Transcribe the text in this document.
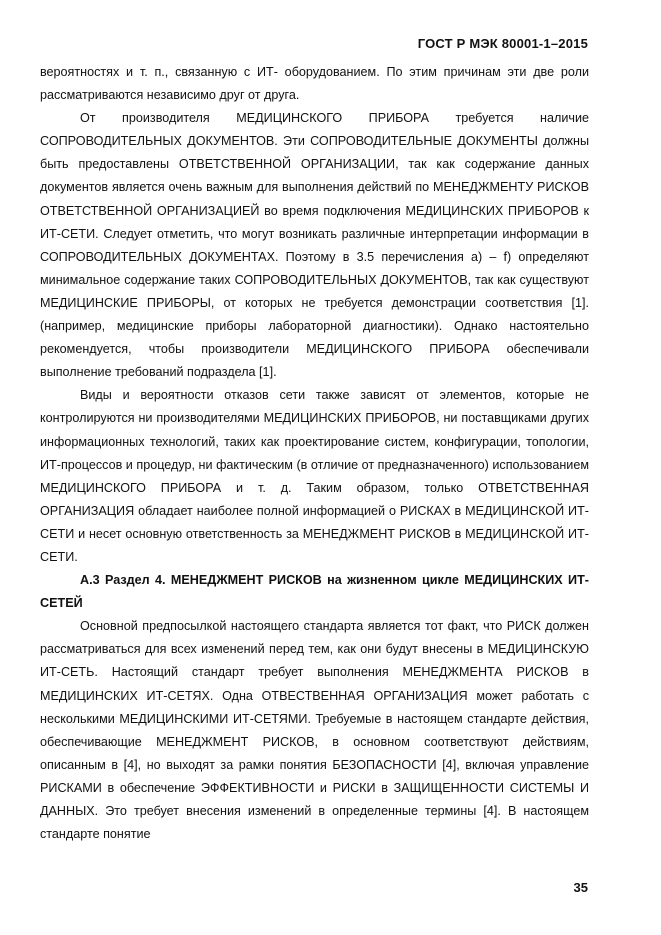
ГОСТ Р МЭК 80001-1–2015

вероятностях и т. п., связанную с ИТ- оборудованием. По этим причинам эти две роли рассматриваются независимо друг от друга.

От производителя МЕДИЦИНСКОГО ПРИБОРА требуется наличие СОПРОВОДИТЕЛЬНЫХ ДОКУМЕНТОВ. Эти СОПРОВОДИТЕЛЬНЫЕ ДОКУМЕНТЫ должны быть предоставлены ОТВЕТСТВЕННОЙ ОРГАНИЗАЦИИ, так как содержание данных документов является очень важным для выполнения действий по МЕНЕДЖМЕНТУ РИСКОВ ОТВЕТСТВЕННОЙ ОРГАНИЗАЦИЕЙ во время подключения МЕДИЦИНСКИХ ПРИБОРОВ к ИТ-СЕТИ. Следует отметить, что могут возникать различные интерпретации информации в СОПРОВОДИТЕЛЬНЫХ ДОКУМЕНТАХ. Поэтому в 3.5 перечисления а) – f) определяют минимальное содержание таких СОПРОВОДИТЕЛЬНЫХ ДОКУМЕНТОВ, так как существуют МЕДИЦИНСКИЕ ПРИБОРЫ, от которых не требуется демонстрации соответствия [1]. (например, медицинские приборы лабораторной диагностики). Однако настоятельно рекомендуется, чтобы производители МЕДИЦИНСКОГО ПРИБОРА обеспечивали выполнение требований подраздела [1].

Виды и вероятности отказов сети также зависят от элементов, которые не контролируются ни производителями МЕДИЦИНСКИХ ПРИБОРОВ, ни поставщиками других информационных технологий, таких как проектирование систем, конфигурации, топологии, ИТ-процессов и процедур, ни фактическим (в отличие от предназначенного) использованием МЕДИЦИНСКОГО ПРИБОРА и т. д. Таким образом, только ОТВЕТСТВЕННАЯ ОРГАНИЗАЦИЯ обладает наиболее полной информацией о РИСКАХ в МЕДИЦИНСКОЙ ИТ-СЕТИ и несет основную ответственность за МЕНЕДЖМЕНТ РИСКОВ в МЕДИЦИНСКОЙ ИТ-СЕТИ.

А.3 Раздел 4. МЕНЕДЖМЕНТ РИСКОВ на жизненном цикле МЕДИЦИНСКИХ ИТ-СЕТЕЙ

Основной предпосылкой настоящего стандарта является тот факт, что РИСК должен рассматриваться для всех изменений перед тем, как они будут внесены в МЕДИЦИНСКУЮ ИТ-СЕТЬ. Настоящий стандарт требует выполнения МЕНЕДЖМЕНТА РИСКОВ в МЕДИЦИНСКИХ ИТ-СЕТЯХ. Одна ОТВЕСТВЕННАЯ ОРГАНИЗАЦИЯ может работать с несколькими МЕДИЦИНСКИМИ ИТ-СЕТЯМИ. Требуемые в настоящем стандарте действия, обеспечивающие МЕНЕДЖМЕНТ РИСКОВ, в основном соответствуют действиям, описанным в [4], но выходят за рамки понятия БЕЗОПАСНОСТИ [4], включая управление РИСКАМИ в обеспечение ЭФФЕКТИВНОСТИ и РИСКИ в ЗАЩИЩЕННОСТИ СИСТЕМЫ И ДАННЫХ. Это требует внесения изменений в определенные термины [4]. В настоящем стандарте понятие

35
